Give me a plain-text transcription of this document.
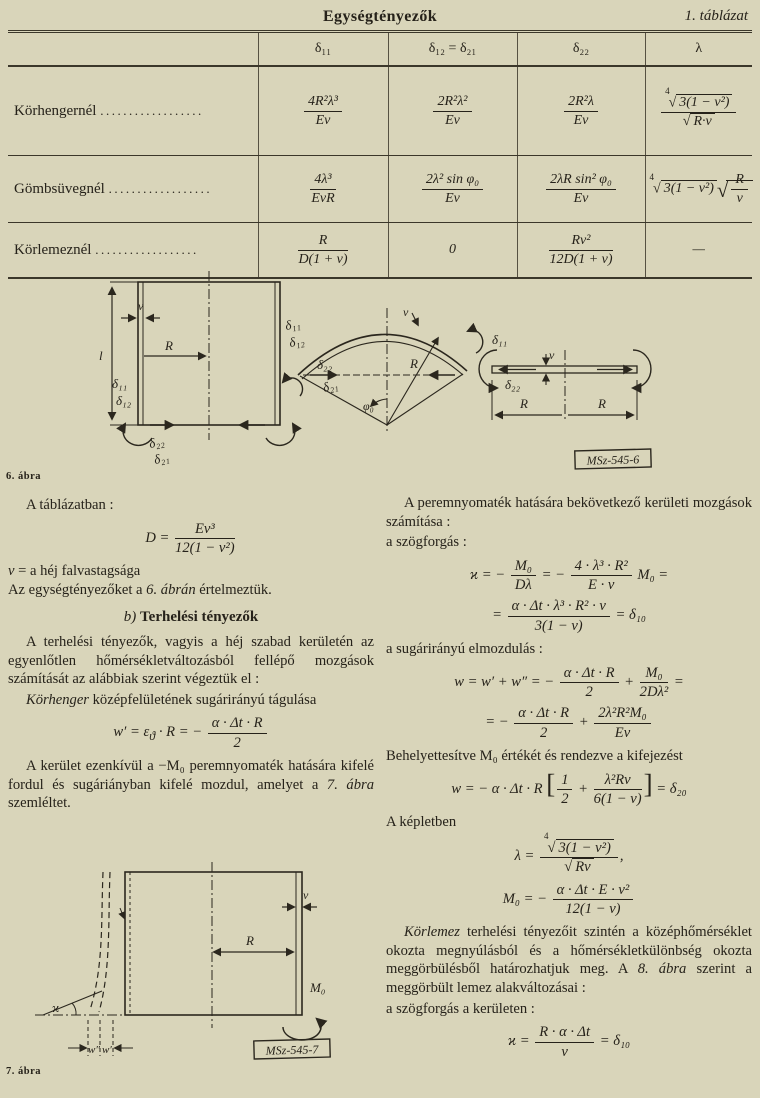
Egységtényezők	1. táblázat
	δ₁₁	δ₁₂ = δ₂₁	δ₂₂	λ
Körhengernél ..................	$\frac{\text{4R²λ³}}{Ev}$	$\frac{\text{2R²λ²}}{Ev}$	$\frac{\text{2R²λ}}{Ev}$	$\frac{^4√ 3(1 - \nu^2)}{√ R\cdot v}$

Gömbsüvegnél ..................	$\frac{\text{4λ³}}{\text{EvR}}$	$\frac{\text{2λ² sin φ₀}}{Ev}$	$\frac{\text{2λR sin² φ₀}}{Ev}$	$^4$√ 3(1 − ν²) √ $\frac{R}{v}$

Körlemeznél ..................	$\frac{R}{D(1 + \nu)}$	0	$\frac{\text{Rv²}}{12D(1 + \nu)}$	—
l
v
R
δ₁₁
δ₁₂
δ₂₂
δ₂₁
φ₀
R
v
δ₂₂
δ₂₁
δ₁₁
δ₁₂	δ₁₁
δ₂₂
v
R	R
MSz-545-6
6. ábra

A táblázatban :

$D = \frac{\text{Ev³}}{\text{12(1 − ν²)}}$

v = a héj falvastagsága

Az egységtényezőket a 6. ábrán értelmeztük.

b) Terhelési tényezők

A terhelési tényezők, vagyis a héj szabad kerületén az egyenlőtlen hőmérsékletváltozásból fellépő mozgások számítását az alábbiak szerint végeztük el :

Körhenger középfelületének sugárirányú tágulása

$w' = \varepsilon_ϑ \cdot R$ = − $\frac{\alpha \cdot \Delta t \cdot R}{2}$

A kerület ezenkívül a −M₀ peremnyomaték hatására kifelé fordul és sugáriányban kifelé mozdul, amelyet a 7. ábra szemléltet.

v
R
M₀
ϰ
w″ w′	MSz-545-7
7. ábra

A peremnyomaték hatására bekövetkező kerületi mozgások számítása :

a szögforgás :

ϰ = − $\frac{\text{M₀}}{D\lambda}$ = − $\frac{\text{4 · λ³ · R²}}{E \cdot v} M_0$ =
= $\frac{\text{α · Δt · λ³ · R² · v}}{3(1 - \nu)} = \delta_{10}$

a sugárirányú elmozdulás :

w = w′ + w″ = − $\frac{\alpha \cdot \Delta t \cdot R}{2} + \frac{\text{M₀}}{\text{2Dλ²}}$ =
= − $\frac{\alpha \cdot \Delta t \cdot R}{2} + \frac{\text{2λ²R²M₀}}{Ev}$

Behelyettesítve M₀ értékét és rendezve a kifejezést

w = − α · Δt · R [ $\frac{1}{2} + \frac{\text{λ²Rv}}{6(1 - \nu)}$ ] = δ₂₀

A képletben

$\lambda = \frac{^4√ 3(1 - \nu^2)}{√ Rv}$ ,
M₀ = − $\frac{\text{α · Δt · E · v²}}{12(1 - \nu)}$

Körlemez terhelési tényezőit szintén a középhőmérséklet okozta megnyúlásból és a hőmérsékletkülönbség okozta meggörbülésből határozhatjuk meg. A 8. ábra szerint a meggörbült lemez alakváltozásai :

a szögforgás a kerületen :

$ϰ = \frac{R \cdot \alpha \cdot \Delta t}{v} = \delta_{10}$
